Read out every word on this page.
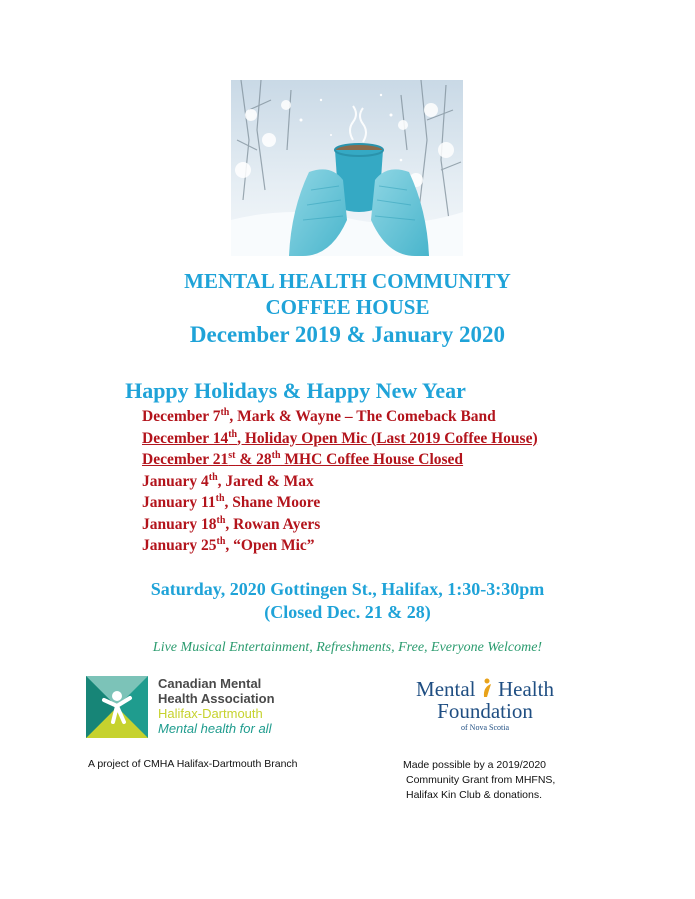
MENTAL HEALTH COMMUNITY
COFFEE HOUSE
December 2019 & January 2020
Happy Holidays & Happy New Year
December 7th, Mark & Wayne – The Comeback Band
December 14th, Holiday Open Mic (Last 2019 Coffee House)
December 21st & 28th MHC Coffee House Closed
January 4th, Jared & Max
January 11th, Shane Moore
January 18th, Rowan Ayers
January 25th, “Open Mic”
Saturday, 2020 Gottingen St., Halifax, 1:30-3:30pm
(Closed Dec. 21 & 28)
Live Musical Entertainment, Refreshments, Free, Everyone Welcome!
Canadian Mental
Health Association
Halifax-Dartmouth
Mental health for all
Mental Health
Foundation
of Nova Scotia
A project of CMHA Halifax-Dartmouth Branch	Made possible by a 2019/2020
Community Grant from MHFNS,
Halifax Kin Club & donations.
